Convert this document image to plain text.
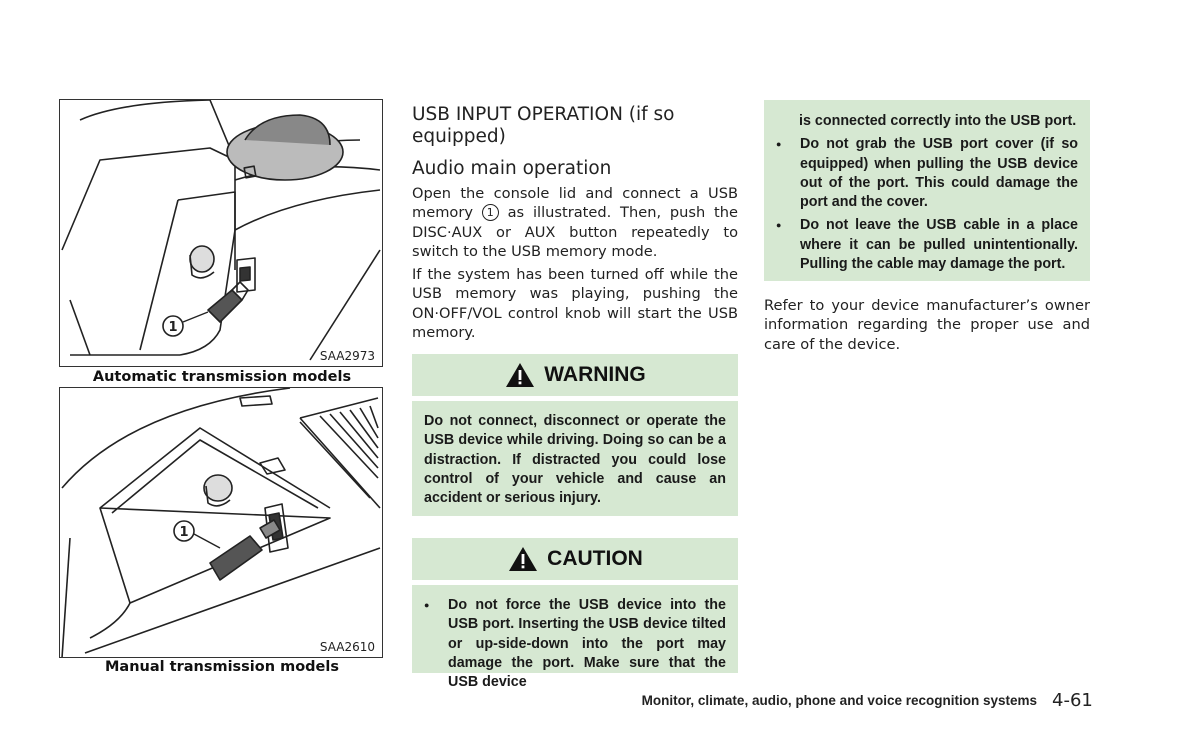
1
SAA2973
Automatic transmission models
1
SAA2610
Manual transmission models
USB INPUT OPERATION (if so equipped)
Audio main operation
Open the console lid and connect a USB memory 1 as illustrated. Then, push the DISC·AUX or AUX button repeatedly to switch to the USB memory mode.
If the system has been turned off while the USB memory was playing, pushing the ON·OFF/VOL control knob will start the USB memory.
WARNING
Do not connect, disconnect or operate the USB device while driving. Doing so can be a distraction. If distracted you could lose control of your vehicle and cause an accident or serious injury.
CAUTION
● Do not force the USB device into the USB port. Inserting the USB device tilted or up-side-down into the port may damage the port. Make sure that the USB device
is connected correctly into the USB port.
● Do not grab the USB port cover (if so equipped) when pulling the USB device out of the port. This could damage the port and the cover.
● Do not leave the USB cable in a place where it can be pulled unintentionally. Pulling the cable may damage the port.
Refer to your device manufacturer’s owner information regarding the proper use and care of the device.
Monitor, climate, audio, phone and voice recognition systems 4-61
